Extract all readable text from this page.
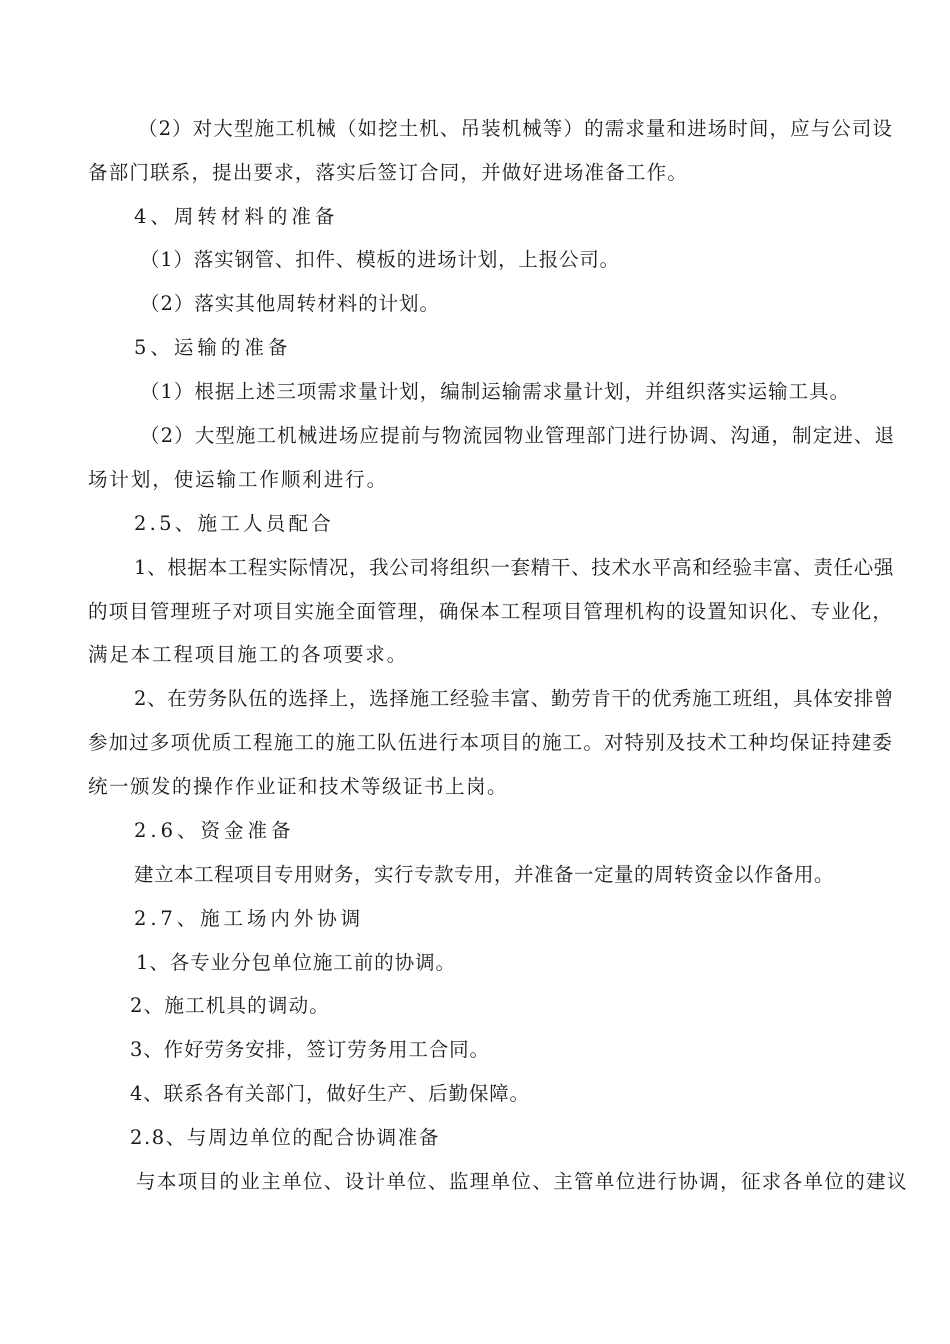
（2）对大型施工机械（如挖土机、吊装机械等）的需求量和进场时间，应与公司设
备部门联系，提出要求，落实后签订合同，并做好进场准备工作。
4、周转材料的准备
（1）落实钢管、扣件、模板的进场计划，上报公司。
（2）落实其他周转材料的计划。
5、运输的准备
（1）根据上述三项需求量计划，编制运输需求量计划，并组织落实运输工具。
（2）大型施工机械进场应提前与物流园物业管理部门进行协调、沟通，制定进、退
场计划，使运输工作顺利进行。
2.5、施工人员配合
1、根据本工程实际情况，我公司将组织一套精干、技术水平高和经验丰富、责任心强
的项目管理班子对项目实施全面管理，确保本工程项目管理机构的设置知识化、专业化，
满足本工程项目施工的各项要求。
2、在劳务队伍的选择上，选择施工经验丰富、勤劳肯干的优秀施工班组，具体安排曾
参加过多项优质工程施工的施工队伍进行本项目的施工。对特别及技术工种均保证持建委
统一颁发的操作作业证和技术等级证书上岗。
2.6、资金准备
建立本工程项目专用财务，实行专款专用，并准备一定量的周转资金以作备用。
2.7、施工场内外协调
1、各专业分包单位施工前的协调。
2、施工机具的调动。
3、作好劳务安排，签订劳务用工合同。
4、联系各有关部门，做好生产、后勤保障。
2.8、与周边单位的配合协调准备
与本项目的业主单位、设计单位、监理单位、主管单位进行协调，征求各单位的建议
